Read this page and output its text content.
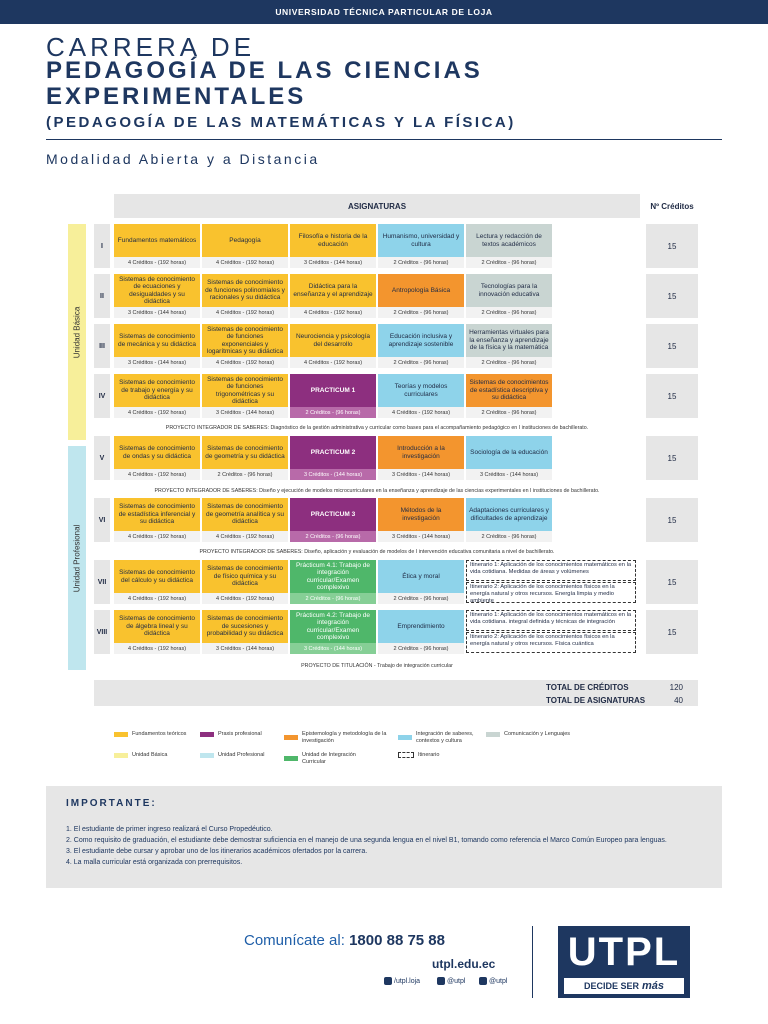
UNIVERSIDAD TÉCNICA PARTICULAR DE LOJA
CARRERA DE
PEDAGOGÍA DE LAS CIENCIAS
EXPERIMENTALES
(PEDAGOGÍA DE LAS MATEMÁTICAS Y LA FÍSICA)
Modalidad Abierta y a Distancia
ASIGNATURAS	Nº Créditos
Unidad Básica
Unidad Profesional
I
Fundamentos matemáticos
4 Créditos - (192 horas)
Pedagogía
4 Créditos - (192 horas)
Filosofía e historia de la educación
3 Créditos - (144 horas)
Humanismo, universidad y cultura
2 Créditos - (96 horas)
Lectura y redacción de textos académicos
2 Créditos - (96 horas)
15
II
Sistemas de conocimiento de ecuaciones y desigualdades y su didáctica
3 Créditos - (144 horas)
Sistemas de conocimiento de funciones polinomiales y racionales y su didáctica
4 Créditos - (192 horas)
Didáctica para la enseñanza y el aprendizaje
4 Créditos - (192 horas)
Antropología Básica
2 Créditos - (96 horas)
Tecnologías para la innovación educativa
2 Créditos - (96 horas)
15
III
Sistemas de conocimiento de mecánica y su didáctica
3 Créditos - (144 horas)
Sistemas de conocimiento de funciones exponenciales y logarítmicas y su didáctica
4 Créditos - (192 horas)
Neurociencia y psicología del desarrollo
4 Créditos - (192 horas)
Educación inclusiva y aprendizaje sostenible
2 Créditos - (96 horas)
Herramientas virtuales para la enseñanza y aprendizaje de la física y la matemática
2 Créditos - (96 horas)
15
IV
Sistemas de conocimiento de trabajo y energía y su didáctica
4 Créditos - (192 horas)
Sistemas de conocimiento de funciones trigonométricas y su didáctica
3 Créditos - (144 horas)
PRACTICUM 1
2 Créditos - (96 horas)
Teorías y modelos curriculares
4 Créditos - (192 horas)
Sistemas de conocimientos de estadística descriptiva y su didáctica
2 Créditos - (96 horas)
15
PROYECTO INTEGRADOR DE SABERES: Diagnóstico de la gestión administrativa y curricular como bases para el acompañamiento pedagógico en I instituciones de bachillerato.
V
Sistemas de conocimiento de ondas y su didáctica
4 Créditos - (192 horas)
Sistemas de conocimiento de geometría y su didáctica
2 Créditos - (96 horas)
PRACTICUM 2
3 Créditos - (144 horas)
Introducción a la investigación
3 Créditos - (144 horas)
Sociología de la educación
3 Créditos - (144 horas)
15
PROYECTO INTEGRADOR DE SABERES: Diseño y ejecución de modelos microcurriculares en la enseñanza y aprendizaje de las ciencias experimentales en I instituciones de bachillerato.
VI
Sistemas de conocimiento de estadística inferencial y su didáctica
4 Créditos - (192 horas)
Sistemas de conocimiento de geometría analítica y su didáctica
4 Créditos - (192 horas)
PRACTICUM 3
2 Créditos - (96 horas)
Métodos de la investigación
3 Créditos - (144 horas)
Adaptaciones curriculares y dificultades de aprendizaje
2 Créditos - (96 horas)
15
PROYECTO INTEGRADOR DE SABERES: Diseño, aplicación y evaluación de modelos de I intervención educativa comunitaria a nivel de bachillerato.
VII
Sistemas de conocimiento del cálculo y su didáctica
4 Créditos - (192 horas)
Sistemas de conocimiento de físico química y su didáctica
4 Créditos - (192 horas)
Prácticum 4.1: Trabajo de integración curricular/Examen complexivo
2 Créditos - (96 horas)
Ética y moral
2 Créditos - (96 horas)
Itinerario 1: Aplicación de los conocimientos matemáticos en la vida cotidiana. Medidas de áreas y volúmenes
Itinerario 2: Aplicación de los conocimientos físicos en la energía natural y otros recursos. Energía limpia y medio ambiente
15
VIII
Sistemas de conocimiento de álgebra lineal y su didáctica
4 Créditos - (192 horas)
Sistemas de conocimiento de sucesiones y probabilidad y su didáctica
3 Créditos - (144 horas)
Prácticum 4.2: Trabajo de integración curricular/Examen complexivo
3 Créditos - (144 horas)
Emprendimiento
2 Créditos - (96 horas)
Itinerario 1: Aplicación de los conocimientos matemáticos en la vida cotidiana. integral definida y técnicas de integración
Itinerario 2: Aplicación de los conocimientos físicos en la energía natural y otros recursos. Física cuántica
15
PROYECTO DE TITULACIÓN - Trabajo de integración curricular
TOTAL DE CRÉDITOS	120
TOTAL DE ASIGNATURAS	40
Fundamentos teóricos	Praxis profesional	Epistemología y metodología de la investigación
Integración de saberes, contextos y cultura
Comunicación y Lenguajes
Unidad Básica	Unidad Profesional	Unidad de Integración Curricular
Itinerario
IMPORTANTE:
1. El estudiante de primer ingreso realizará el Curso Propedéutico.
2. Como requisito de graduación, el estudiante debe demostrar suficiencia en el manejo de una segunda lengua en el nivel B1, tomando como referencia el Marco Común Europeo para lenguas.
3. El estudiante debe cursar y aprobar uno de los itinerarios académicos ofertados por la carrera.
4. La malla curricular está organizada con prerrequisitos.
Comunícate al: 1800 88 75 88
utpl.edu.ec
/utpl.loja	@utpl	@utpl
UTPL
DECIDE SER más
